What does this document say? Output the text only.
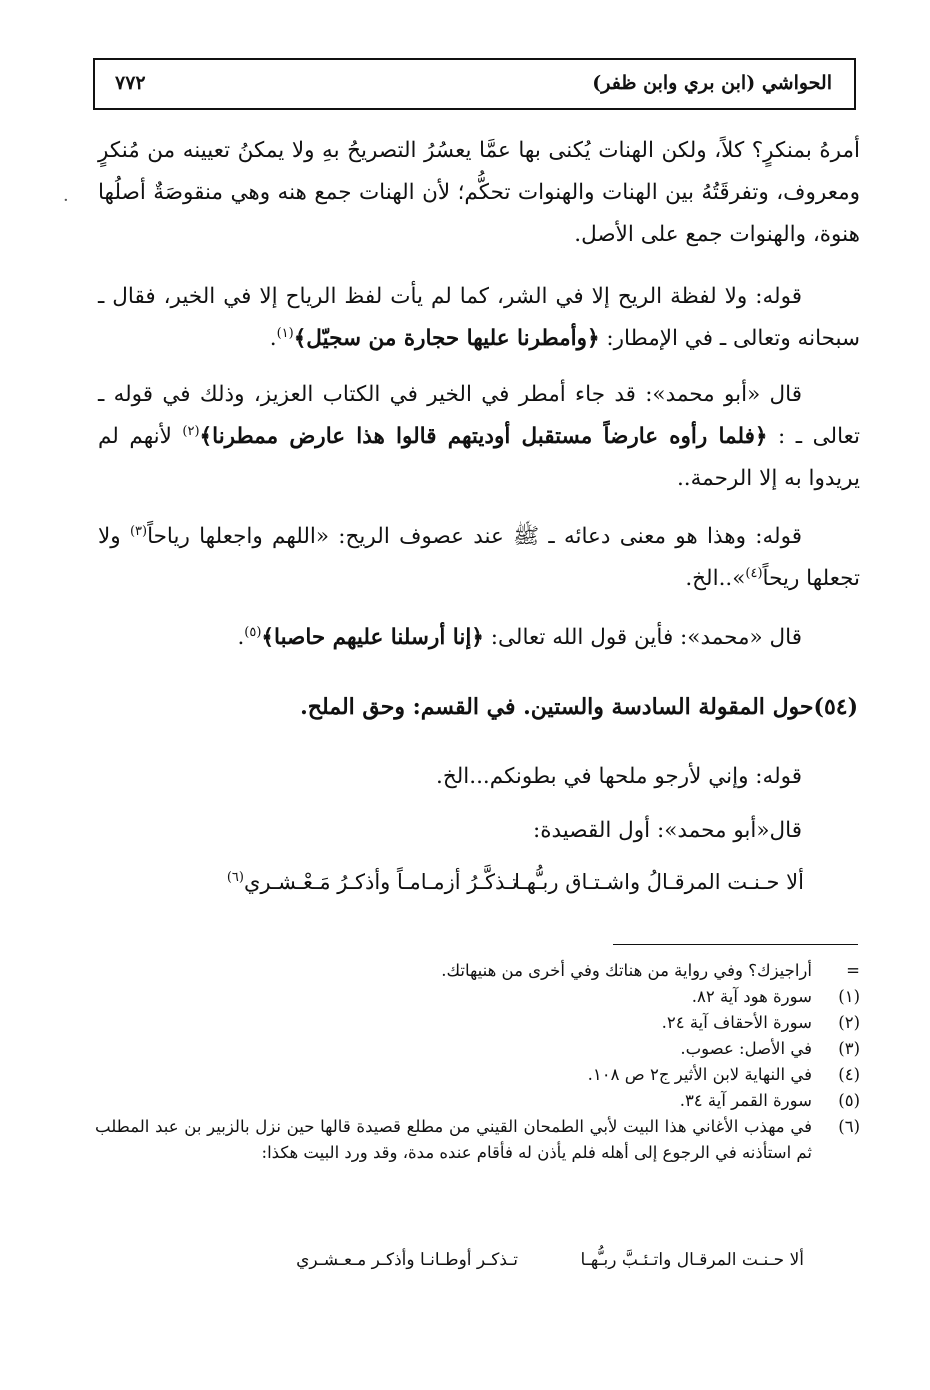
الحواشي (ابن بري وابن ظفر)
٧٧٢
·

أمرهُ بمنكرٍ؟ كلاً، ولكن الهنات يُكنى بها عمَّا يعسُرُ التصريحُ بهِ ولا يمكنُ تعيينه من مُنكرٍ ومعروف، وتفرقَتُهُ بين الهنات والهنوات تحكُّم؛ لأن الهنات جمع هنه وهي منقوصَةٌ أصلُها هنوة، والهنوات جمع على الأصل.

قوله: ولا لفظة الريح إلا في الشر، كما لم يأت لفظ الرياح إلا في الخير، فقال ـ سبحانه وتعالى ـ في الإمطار: ﴿وأمطرنا عليها حجارة من سجيّل﴾$^{(١)}$.

قال «أبو محمد»: قد جاء أمطر في الخير في الكتاب العزيز، وذلك في قوله ـ تعالى ـ : ﴿فلما رأوه عارضاً مستقبل أوديتهم قالوا هذا عارض ممطرنا﴾$^{(٢)}$ لأنهم لم يريدوا به إلا الرحمة..

قوله: وهذا هو معنى دعائه ـ ﷺ عند عصوف الريح: «اللهم واجعلها رياحاً$^{(٣)}$ ولا تجعلها ريحاً$^{(٤)}$»..الخ.

قال «محمد»: فأين قول الله تعالى: ﴿إنا أرسلنا عليهم حاصبا﴾$^{(٥)}$.

(٥٤)حول المقولة السادسة والستين. في القسم: وحق الملح.

قوله: وإني لأرجو ملحها في بطونكم...الخ.

قال«أبو محمد»: أول القصيدة:

ألا حـنـت المرقـالُ واشـتـاق ربـُّهـا
تـذكَّـرُ أزمـامـاً وأذكـرُ مَـعْـشـري$^{(٦)}$
=
أراجيزك؟ وفي رواية من هناتك وفي أخرى من هنيهاتك.
(١)
سورة هود آية ٨٢.
(٢)
سورة الأحقاف آية ٢٤.
(٣)
في الأصل: عصوب.
(٤)
في النهاية لابن الأثير ج٢ ص ١٠٨.
(٥)
سورة القمر آية ٣٤.
(٦)
في مهذب الأغاني هذا البيت لأبي الطمحان القيني من مطلع قصيدة قالها حين نزل بالزبير بن عبد المطلب ثم استأذنه في الرجوع إلى أهله فلم يأذن له فأقام عنده مدة، وقد ورد البيت هكذا:
ألا حـنـت المرقـال واتـئـبَّ ربـُّهـا
تـذكـر أوطـانـا وأذكـر مـعـشـري
